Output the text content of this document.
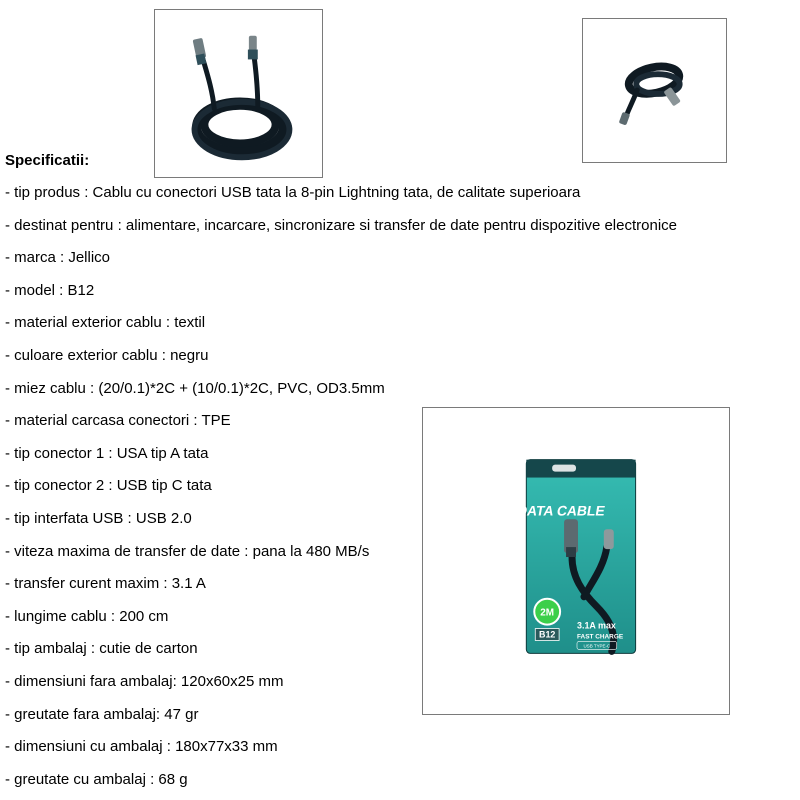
DATA CABLE
2M
B12
3.1A max
FAST CHARGE
USB TYPE-C
Specificatii:
- tip produs : Cablu cu conectori USB tata la 8-pin Lightning tata, de calitate superioara
- destinat pentru : alimentare, incarcare, sincronizare si transfer de date pentru dispozitive electronice
- marca : Jellico
- model : B12
- material exterior cablu : textil
- culoare exterior cablu : negru
- miez cablu : (20/0.1)*2C + (10/0.1)*2C, PVC, OD3.5mm
- material carcasa conectori : TPE
- tip conector 1 : USA tip A tata
- tip conector 2 : USB tip C tata
- tip interfata USB : USB 2.0
- viteza maxima de transfer de date : pana la 480 MB/s
- transfer curent maxim : 3.1 A
- lungime cablu : 200 cm
- tip ambalaj : cutie de carton
- dimensiuni fara ambalaj: 120x60x25 mm
- greutate fara ambalaj: 47 gr
- dimensiuni cu ambalaj : 180x77x33 mm
- greutate cu ambalaj : 68 g
